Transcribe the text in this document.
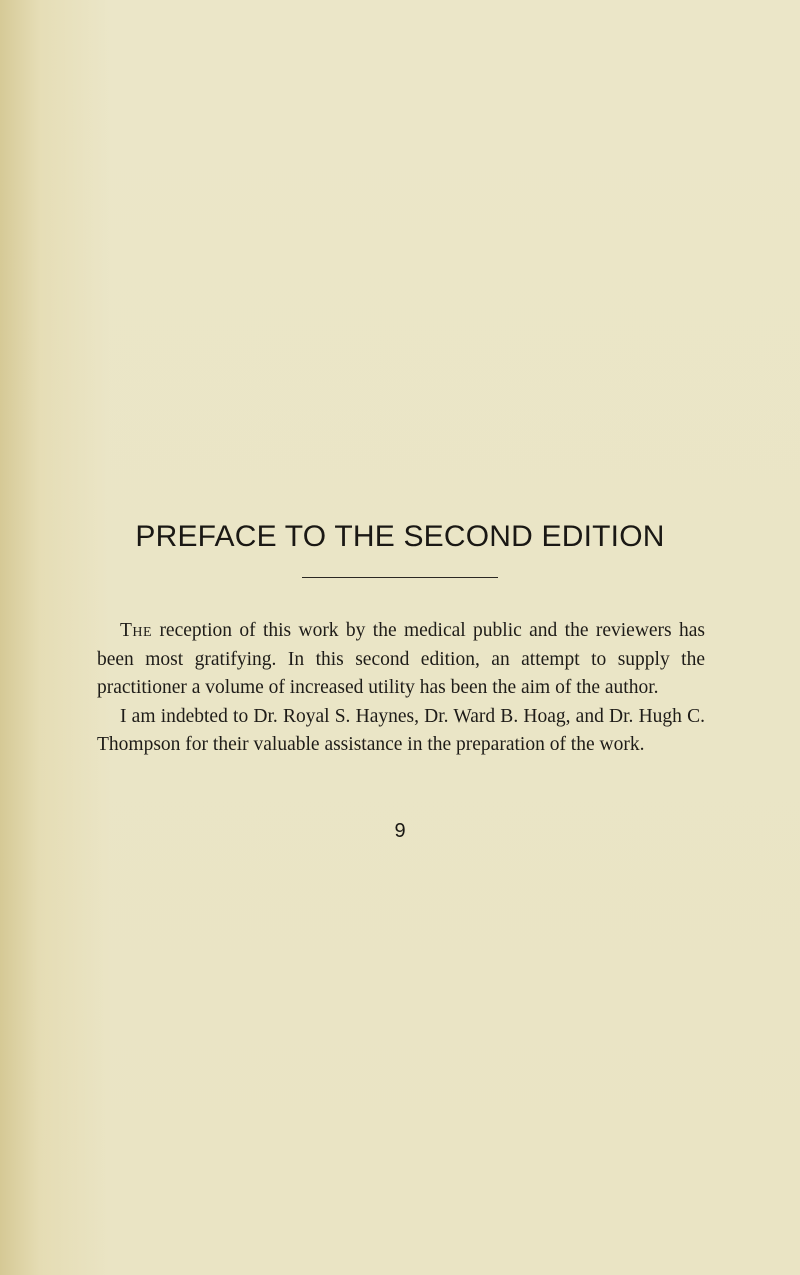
PREFACE TO THE SECOND EDITION

The reception of this work by the medical public and the reviewers has been most gratifying. In this second edition, an attempt to supply the practitioner a volume of increased utility has been the aim of the author.

I am indebted to Dr. Royal S. Haynes, Dr. Ward B. Hoag, and Dr. Hugh C. Thompson for their valuable assistance in the preparation of the work.

9
